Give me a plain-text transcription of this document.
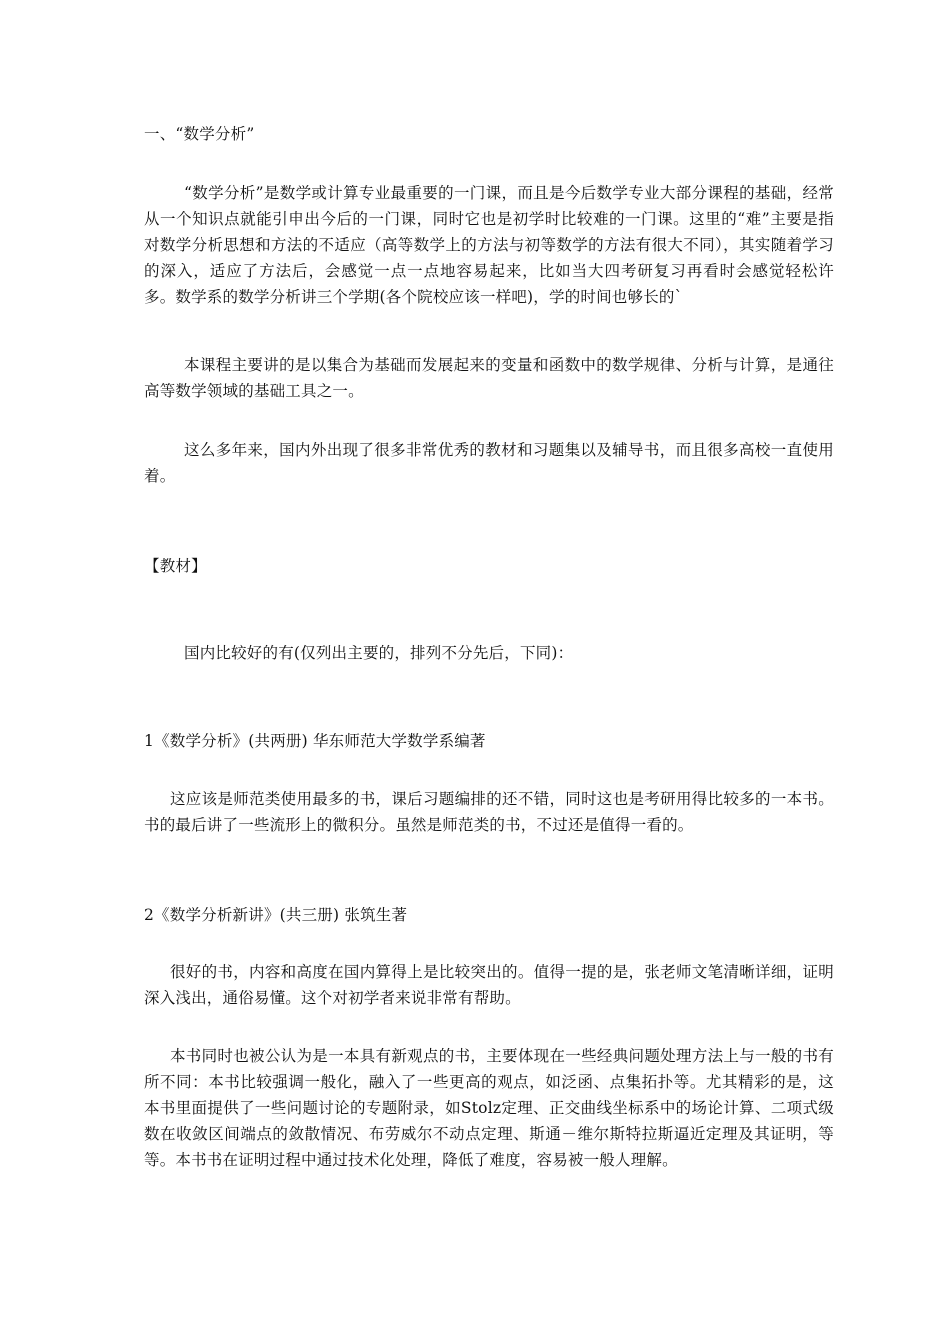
一、“数学分析”

“数学分析”是数学或计算专业最重要的一门课，而且是今后数学专业大部分课程的基础，经常从一个知识点就能引申出今后的一门课，同时它也是初学时比较难的一门课。这里的“难”主要是指对数学分析思想和方法的不适应（高等数学上的方法与初等数学的方法有很大不同），其实随着学习的深入，适应了方法后，会感觉一点一点地容易起来，比如当大四考研复习再看时会感觉轻松许多。数学系的数学分析讲三个学期(各个院校应该一样吧)，学的时间也够长的`

本课程主要讲的是以集合为基础而发展起来的变量和函数中的数学规律、分析与计算，是通往高等数学领域的基础工具之一。

这么多年来，国内外出现了很多非常优秀的教材和习题集以及辅导书，而且很多高校一直使用着。

【教材】

国内比较好的有(仅列出主要的，排列不分先后，下同)：

1《数学分析》(共两册) 华东师范大学数学系编著

这应该是师范类使用最多的书，课后习题编排的还不错，同时这也是考研用得比较多的一本书。书的最后讲了一些流形上的微积分。虽然是师范类的书，不过还是值得一看的。

2《数学分析新讲》(共三册) 张筑生著

很好的书，内容和高度在国内算得上是比较突出的。值得一提的是，张老师文笔清晰详细，证明深入浅出，通俗易懂。这个对初学者来说非常有帮助。

本书同时也被公认为是一本具有新观点的书，主要体现在一些经典问题处理方法上与一般的书有所不同：本书比较强调一般化，融入了一些更高的观点，如泛函、点集拓扑等。尤其精彩的是，这本书里面提供了一些问题讨论的专题附录，如Stolz定理、正交曲线坐标系中的场论计算、二项式级数在收敛区间端点的敛散情况、布劳威尔不动点定理、斯通－维尔斯特拉斯逼近定理及其证明，等等。本书书在证明过程中通过技术化处理，降低了难度，容易被一般人理解。
